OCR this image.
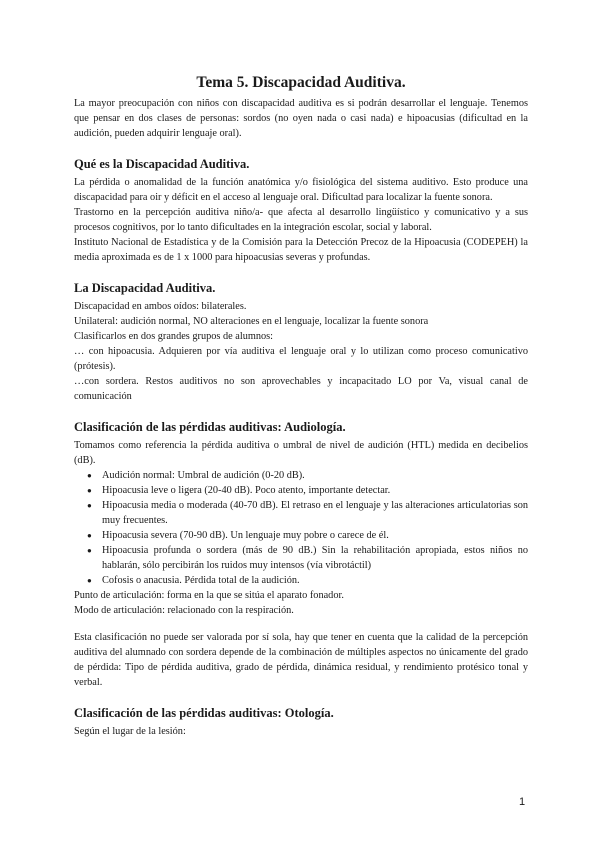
Tema 5. Discapacidad Auditiva.

La mayor preocupación con niños con discapacidad auditiva es si podrán desarrollar el lenguaje. Tenemos que pensar en dos clases de personas: sordos (no oyen nada o casi nada) e hipoacusias (dificultad en la audición, pueden adquirir lenguaje oral).

Qué es la Discapacidad Auditiva.

La pérdida o anomalidad de la función anatómica y/o fisiológica del sistema auditivo. Esto produce una discapacidad para oir y déficit en el acceso al lenguaje oral. Dificultad para localizar la fuente sonora.

Trastorno en la percepción auditiva niño/a- que afecta al desarrollo lingüístico y comunicativo y a sus procesos cognitivos, por lo tanto dificultades en la integración escolar, social y laboral.

Instituto Nacional de Estadística y de la Comisión para la Detección Precoz de la Hipoacusia (CODEPEH) la media aproximada es de 1 x 1000 para hipoacusias severas y profundas.

La Discapacidad Auditiva.

Discapacidad en ambos oídos: bilaterales.

Unilateral: audición normal, NO alteraciones en el lenguaje, localizar la fuente sonora

Clasificarlos en dos grandes grupos de alumnos:

… con hipoacusia. Adquieren por vía auditiva el lenguaje oral y lo utilizan como proceso comunicativo (prótesis).

…con sordera. Restos auditivos no son aprovechables y incapacitado LO por Va, visual canal de comunicación

Clasificación de las pérdidas auditivas: Audiología.

Tomamos como referencia la pérdida auditiva o umbral de nivel de audición (HTL) medida en decibelios (dB).

● Audición normal: Umbral de audición (0-20 dB).
● Hipoacusia leve o ligera (20-40 dB). Poco atento, importante detectar.
● Hipoacusia media o moderada (40-70 dB). El retraso en el lenguaje y las alteraciones articulatorias son muy frecuentes.
● Hipoacusia severa (70-90 dB). Un lenguaje muy pobre o carece de él.
● Hipoacusia profunda o sordera (más de 90 dB.) Sin la rehabilitación apropiada, estos niños no hablarán, sólo percibirán los ruidos muy intensos (vía vibrotáctil)
● Cofosis o anacusia. Pérdida total de la audición.

Punto de articulación: forma en la que se sitúa el aparato fonador.

Modo de articulación: relacionado con la respiración.

Esta clasificación no puede ser valorada por sí sola, hay que tener en cuenta que la calidad de la percepción auditiva del alumnado con sordera depende de la combinación de múltiples aspectos no únicamente del grado de pérdida: Tipo de pérdida auditiva, grado de pérdida, dinámica residual, y rendimiento protésico tonal y verbal.

Clasificación de las pérdidas auditivas: Otología.

Según el lugar de la lesión:

1
